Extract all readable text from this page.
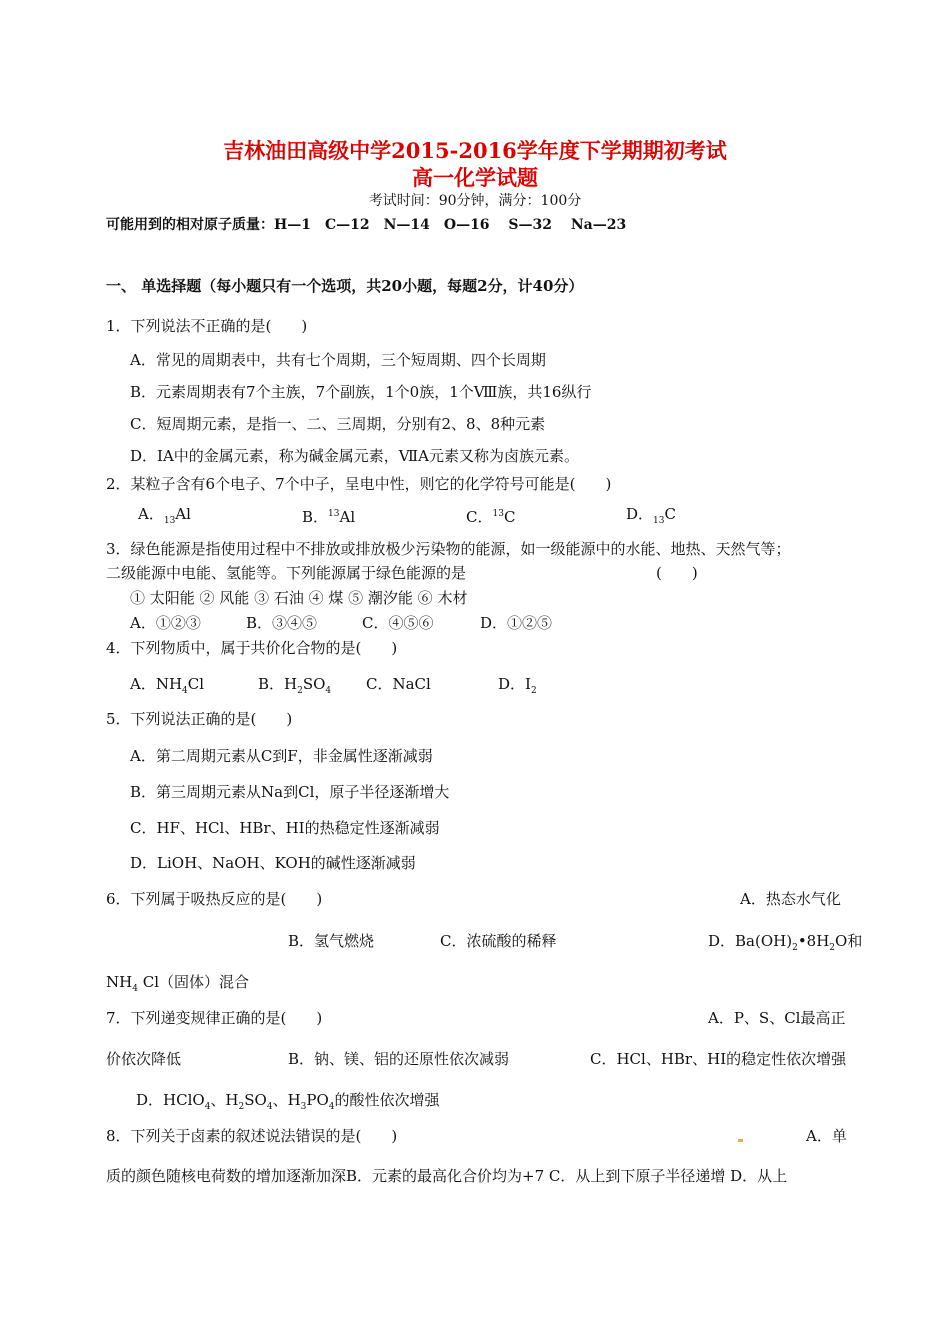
吉林油田高级中学2015-2016学年度下学期期初考试
高一化学试题
考试时间：90分钟，满分：100分
可能用到的相对原子质量：H—1　C—12　N—14　O—16　 S—32　 Na—23
一、 单选择题（每小题只有一个选项，共20小题，每题2分，计40分）
1．下列说法不正确的是(　　)
A．常见的周期表中，共有七个周期，三个短周期、四个长周期
B．元素周期表有7个主族，7个副族，1个0族，1个Ⅷ族，共16纵行
C．短周期元素，是指一、二、三周期，分别有2、8、8种元素
D．ⅠA中的金属元素，称为碱金属元素，ⅦA元素又称为卤族元素。
2．某粒子含有6个电子、7个中子，呈电中性，则它的化学符号可能是(　　)
A．$_{13}$Al	B．$^{13}$Al	C．$^{13}$C	D．$_{13}$C
3．绿色能源是指使用过程中不排放或排放极少污染物的能源，如一级能源中的水能、地热、天然气等；
二级能源中电能、氢能等。下列能源属于绿色能源的是	(　　)
① 太阳能 ② 风能 ③ 石油 ④ 煤 ⑤ 潮汐能 ⑥ 木材
A．①②③	B．③④⑤	C．④⑤⑥	D．①②⑤
4．下列物质中，属于共价化合物的是(　　)
A．$NH_4Cl$	B．$H_2SO_4$ C．NaCl	D．$I_2$
5．下列说法正确的是(　　)
A．第二周期元素从C到F，非金属性逐渐减弱
B．第三周期元素从Na到Cl，原子半径逐渐增大
C．HF、HCl、HBr、HI的热稳定性逐渐减弱
D．LiOH、NaOH、KOH的碱性逐渐减弱
6．下列属于吸热反应的是(　　)	A．热态水气化
B．氢气燃烧	C．浓硫酸的稀释	D．$Ba(OH)_2•8H_2O$和
$NH_4$ Cl（固体）混合
7．下列递变规律正确的是(　　)	A．P、S、Cl最高正
价依次降低	B．钠、镁、铝的还原性依次减弱	C．HCl、HBr、HI的稳定性依次增强
D．HClO$_4$、$H_2SO_4$、$H_3PO_4$的酸性依次增强
8．下列关于卤素的叙述说法错误的是(　　)	A．单
质的颜色随核电荷数的增加逐渐加深B．元素的最高化合价均为+7 C．从上到下原子半径递增 D．从上
